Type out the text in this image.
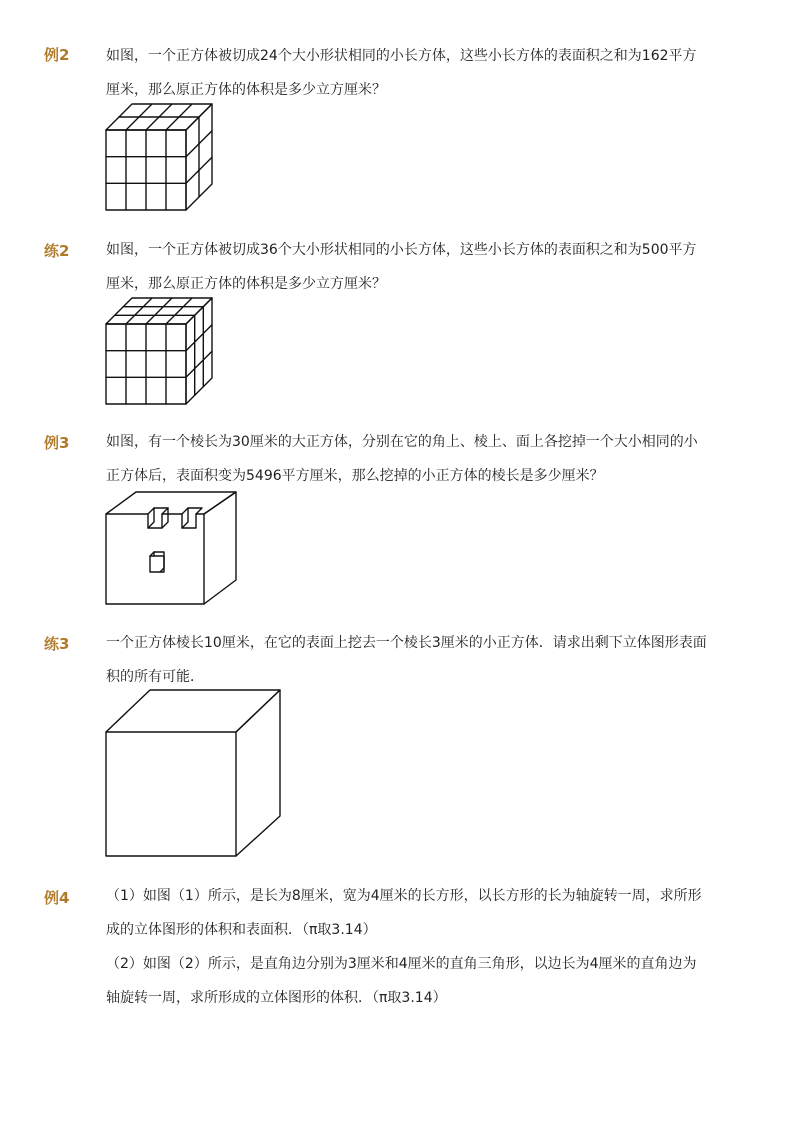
例2	如图，一个正方体被切成24个大小形状相同的小长方体，这些小长方体的表面积之和为162平方
厘米，那么原正方体的体积是多少立方厘米？
练2	如图，一个正方体被切成36个大小形状相同的小长方体，这些小长方体的表面积之和为500平方
厘米，那么原正方体的体积是多少立方厘米？
例3	如图，有一个棱长为30厘米的大正方体，分别在它的角上、棱上、面上各挖掉一个大小相同的小
正方体后，表面积变为5496平方厘米，那么挖掉的小正方体的棱长是多少厘米？
练3	一个正方体棱长10厘米，在它的表面上挖去一个棱长3厘米的小正方体．请求出剩下立体图形表面
积的所有可能．
例4	（1）如图（1）所示，是长为8厘米，宽为4厘米的长方形，以长方形的长为轴旋转一周，求所形
成的立体图形的体积和表面积．（π取3.14）
（2）如图（2）所示，是直角边分别为3厘米和4厘米的直角三角形，以边长为4厘米的直角边为
轴旋转一周，求所形成的立体图形的体积．（π取3.14）
